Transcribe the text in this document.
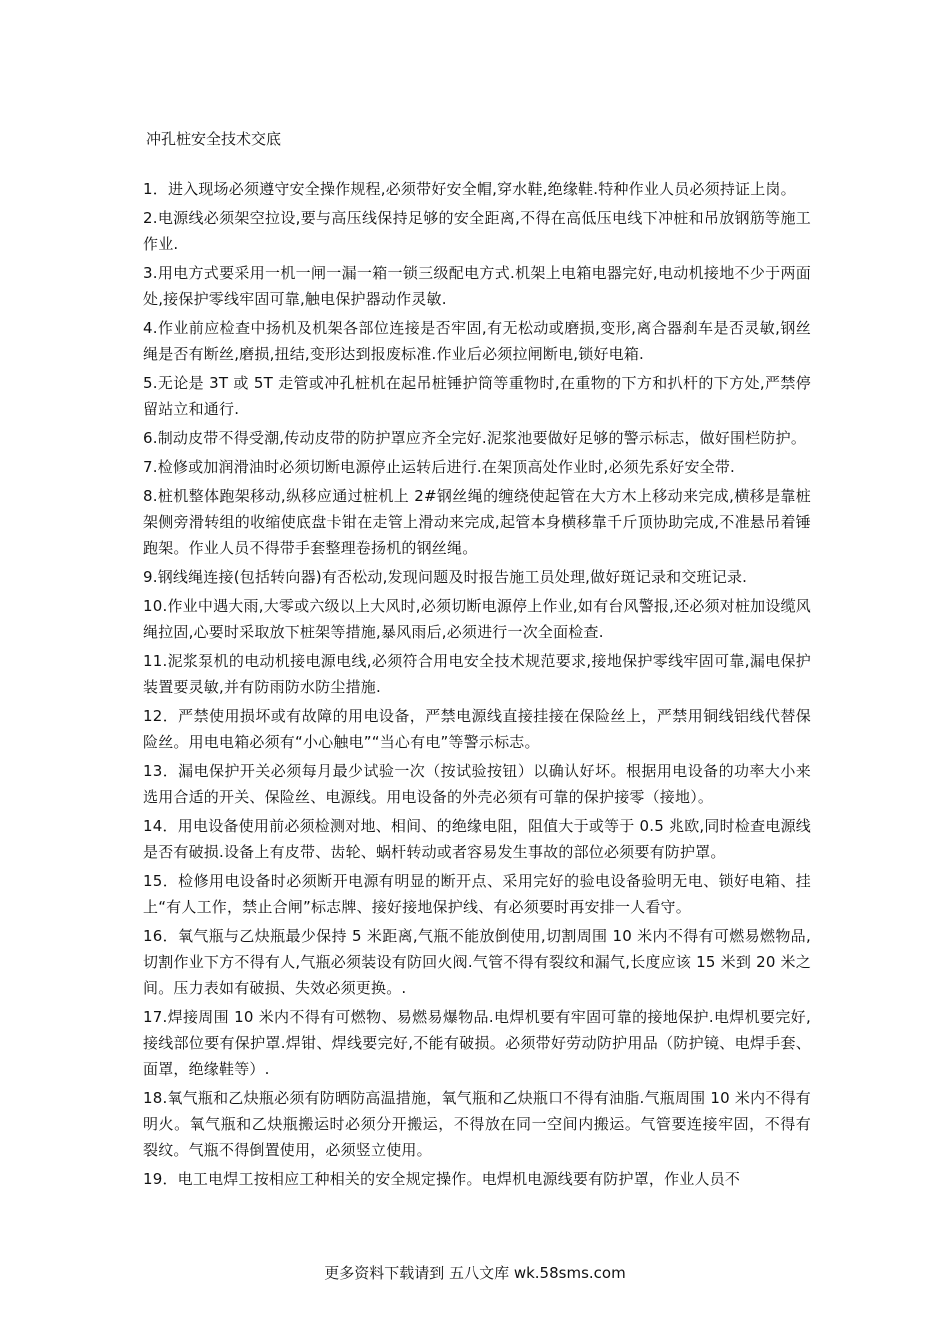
冲孔桩安全技术交底

1．进入现场必须遵守安全操作规程,必须带好安全帽,穿水鞋,绝缘鞋.特种作业人员必须持证上岗。

2.电源线必须架空拉设,要与高压线保持足够的安全距离,不得在高低压电线下冲桩和吊放钢筋等施工作业.

3.用电方式要采用一机一闸一漏一箱一锁三级配电方式.机架上电箱电器完好,电动机接地不少于两面处,接保护零线牢固可靠,触电保护器动作灵敏.

4.作业前应检查中扬机及机架各部位连接是否牢固,有无松动或磨损,变形,离合器刹车是否灵敏,钢丝绳是否有断丝,磨损,扭结,变形达到报废标准.作业后必须拉闸断电,锁好电箱.

5.无论是 3T 或 5T 走管或冲孔桩机在起吊桩锤护筒等重物时,在重物的下方和扒杆的下方处,严禁停留站立和通行.

6.制动皮带不得受潮,传动皮带的防护罩应齐全完好.泥浆池要做好足够的警示标志，做好围栏防护。

7.检修或加润滑油时必须切断电源停止运转后进行.在架顶高处作业时,必须先系好安全带.

8.桩机整体跑架移动,纵移应通过桩机上 2#钢丝绳的缠绕使起管在大方木上移动来完成,横移是靠桩架侧旁滑转组的收缩使底盘卡钳在走管上滑动来完成,起管本身横移靠千斤顶协助完成,不准悬吊着锤跑架。作业人员不得带手套整理卷扬机的钢丝绳。

9.钢线绳连接(包括转向器)有否松动,发现问题及时报告施工员处理,做好斑记录和交班记录.

10.作业中遇大雨,大零或六级以上大风时,必须切断电源停上作业,如有台风警报,还必须对桩加设缆风绳拉固,心要时采取放下桩架等措施,暴风雨后,必须进行一次全面检查.

11.泥浆泵机的电动机接电源电线,必须符合用电安全技术规范要求,接地保护零线牢固可靠,漏电保护装置要灵敏,并有防雨防水防尘措施.

12．严禁使用损坏或有故障的用电设备，严禁电源线直接挂接在保险丝上，严禁用铜线铝线代替保险丝。用电电箱必须有“小心触电”“当心有电”等警示标志。

13．漏电保护开关必须每月最少试验一次（按试验按钮）以确认好坏。根据用电设备的功率大小来选用合适的开关、保险丝、电源线。用电设备的外壳必须有可靠的保护接零（接地）。

14．用电设备使用前必须检测对地、相间、的绝缘电阻，阻值大于或等于 0.5 兆欧,同时检查电源线是否有破损.设备上有皮带、齿轮、蜗杆转动或者容易发生事故的部位必须要有防护罩。

15．检修用电设备时必须断开电源有明显的断开点、采用完好的验电设备验明无电、锁好电箱、挂上“有人工作，禁止合闸”标志牌、接好接地保护线、有必须要时再安排一人看守。

16．氧气瓶与乙炔瓶最少保持 5 米距离,气瓶不能放倒使用,切割周围 10 米内不得有可燃易燃物品,切割作业下方不得有人,气瓶必须装设有防回火阀.气管不得有裂纹和漏气,长度应该 15 米到 20 米之间。压力表如有破损、失效必须更换。.

17.焊接周围 10 米内不得有可燃物、易燃易爆物品.电焊机要有牢固可靠的接地保护.电焊机要完好,接线部位要有保护罩.焊钳、焊线要完好,不能有破损。必须带好劳动防护用品（防护镜、电焊手套、面罩，绝缘鞋等）.

18.氧气瓶和乙炔瓶必须有防晒防高温措施，氧气瓶和乙炔瓶口不得有油脂.气瓶周围 10 米内不得有明火。氧气瓶和乙炔瓶搬运时必须分开搬运，不得放在同一空间内搬运。气管要连接牢固，不得有裂纹。气瓶不得倒置使用，必须竖立使用。

19．电工电焊工按相应工种相关的安全规定操作。电焊机电源线要有防护罩，作业人员不

更多资料下载请到 五八文库 wk.58sms.com
